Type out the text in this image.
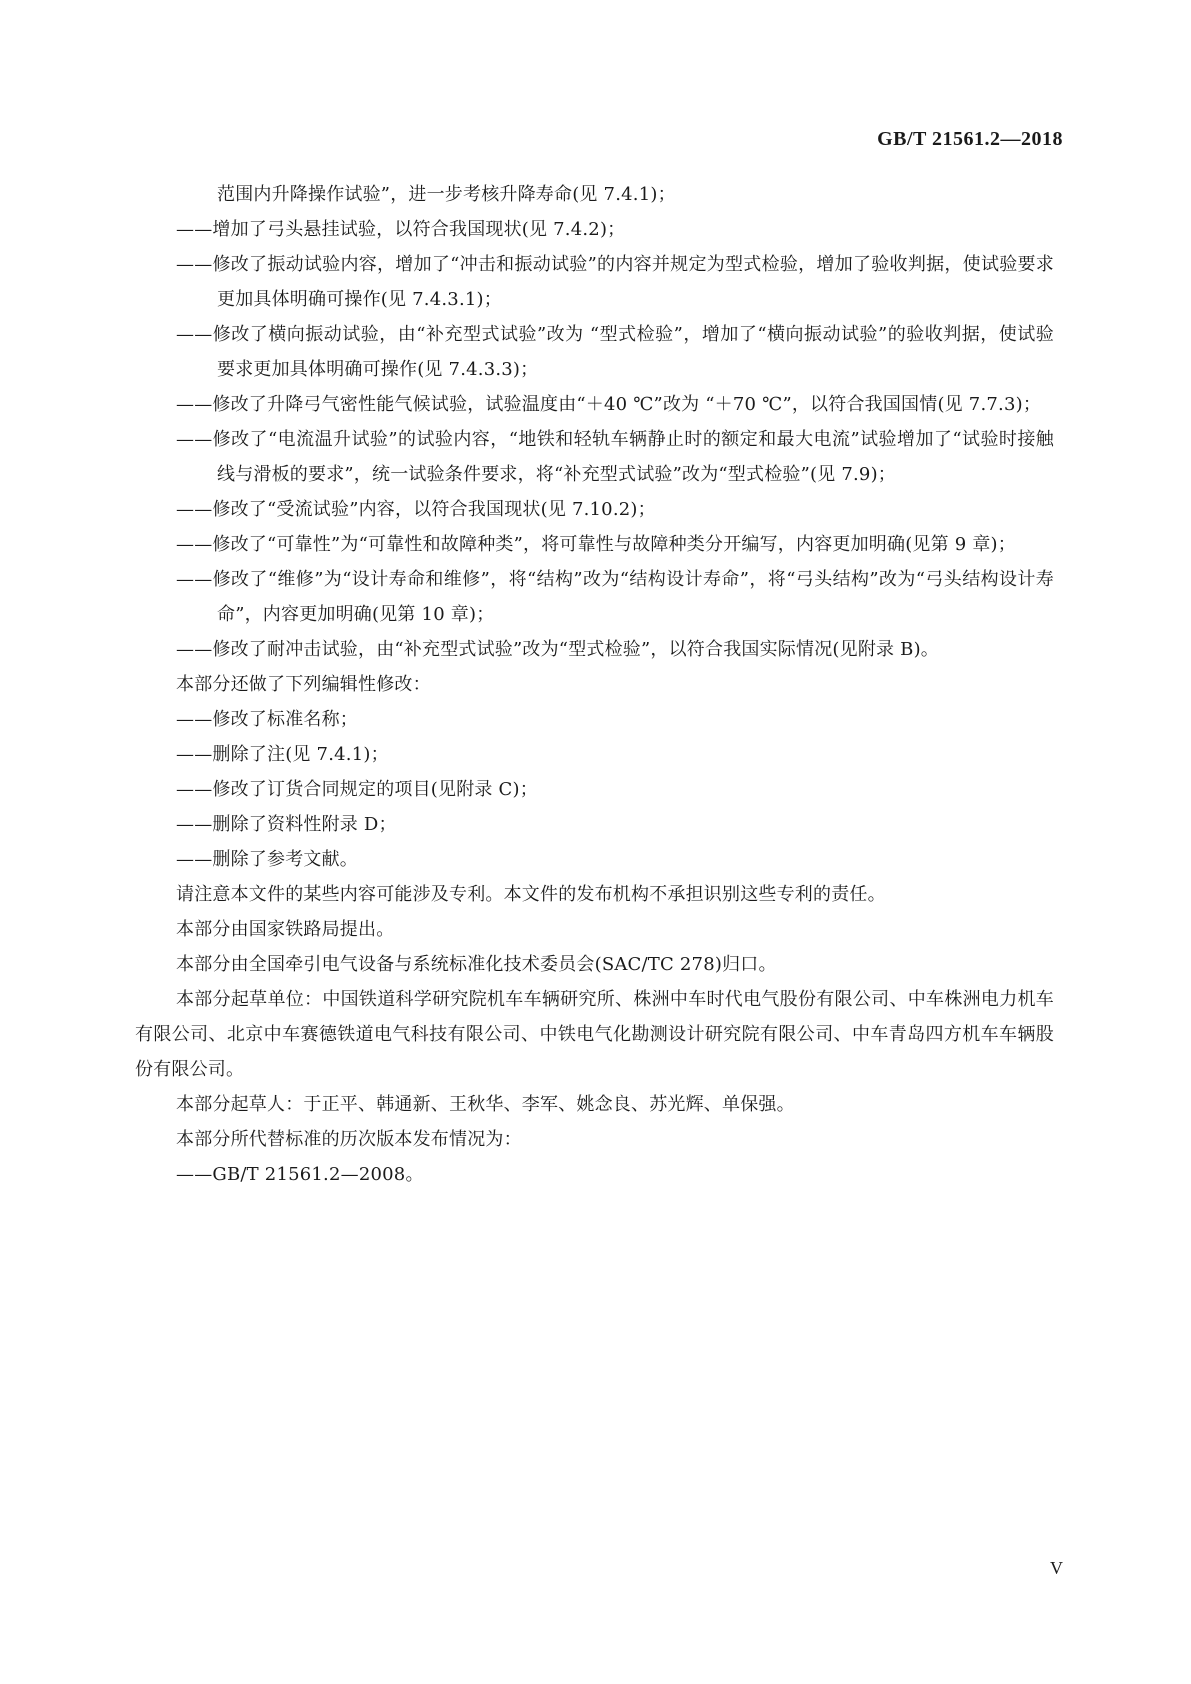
GB/T 21561.2—2018

范围内升降操作试验”，进一步考核升降寿命(见 7.4.1)；

——增加了弓头悬挂试验，以符合我国现状(见 7.4.2)；

——修改了振动试验内容，增加了“冲击和振动试验”的内容并规定为型式检验，增加了验收判据，使试验要求更加具体明确可操作(见 7.4.3.1)；

——修改了横向振动试验，由“补充型式试验”改为 “型式检验”，增加了“横向振动试验”的验收判据，使试验要求更加具体明确可操作(见 7.4.3.3)；

——修改了升降弓气密性能气候试验，试验温度由“＋40 ℃”改为 “＋70 ℃”，以符合我国国情(见 7.7.3)；

——修改了“电流温升试验”的试验内容，“地铁和轻轨车辆静止时的额定和最大电流”试验增加了“试验时接触线与滑板的要求”，统一试验条件要求，将“补充型式试验”改为“型式检验”(见 7.9)；

——修改了“受流试验”内容，以符合我国现状(见 7.10.2)；

——修改了“可靠性”为“可靠性和故障种类”，将可靠性与故障种类分开编写，内容更加明确(见第 9 章)；

——修改了“维修”为“设计寿命和维修”，将“结构”改为“结构设计寿命”，将“弓头结构”改为“弓头结构设计寿命”，内容更加明确(见第 10 章)；

——修改了耐冲击试验，由“补充型式试验”改为“型式检验”，以符合我国实际情况(见附录 B)。

本部分还做了下列编辑性修改：

——修改了标准名称；

——删除了注(见 7.4.1)；

——修改了订货合同规定的项目(见附录 C)；

——删除了资料性附录 D；

——删除了参考文献。

请注意本文件的某些内容可能涉及专利。本文件的发布机构不承担识别这些专利的责任。

本部分由国家铁路局提出。

本部分由全国牵引电气设备与系统标准化技术委员会(SAC/TC 278)归口。

本部分起草单位：中国铁道科学研究院机车车辆研究所、株洲中车时代电气股份有限公司、中车株洲电力机车有限公司、北京中车赛德铁道电气科技有限公司、中铁电气化勘测设计研究院有限公司、中车青岛四方机车车辆股份有限公司。

本部分起草人：于正平、韩通新、王秋华、李军、姚念良、苏光辉、单保强。

本部分所代替标准的历次版本发布情况为：

——GB/T 21561.2—2008。

V
